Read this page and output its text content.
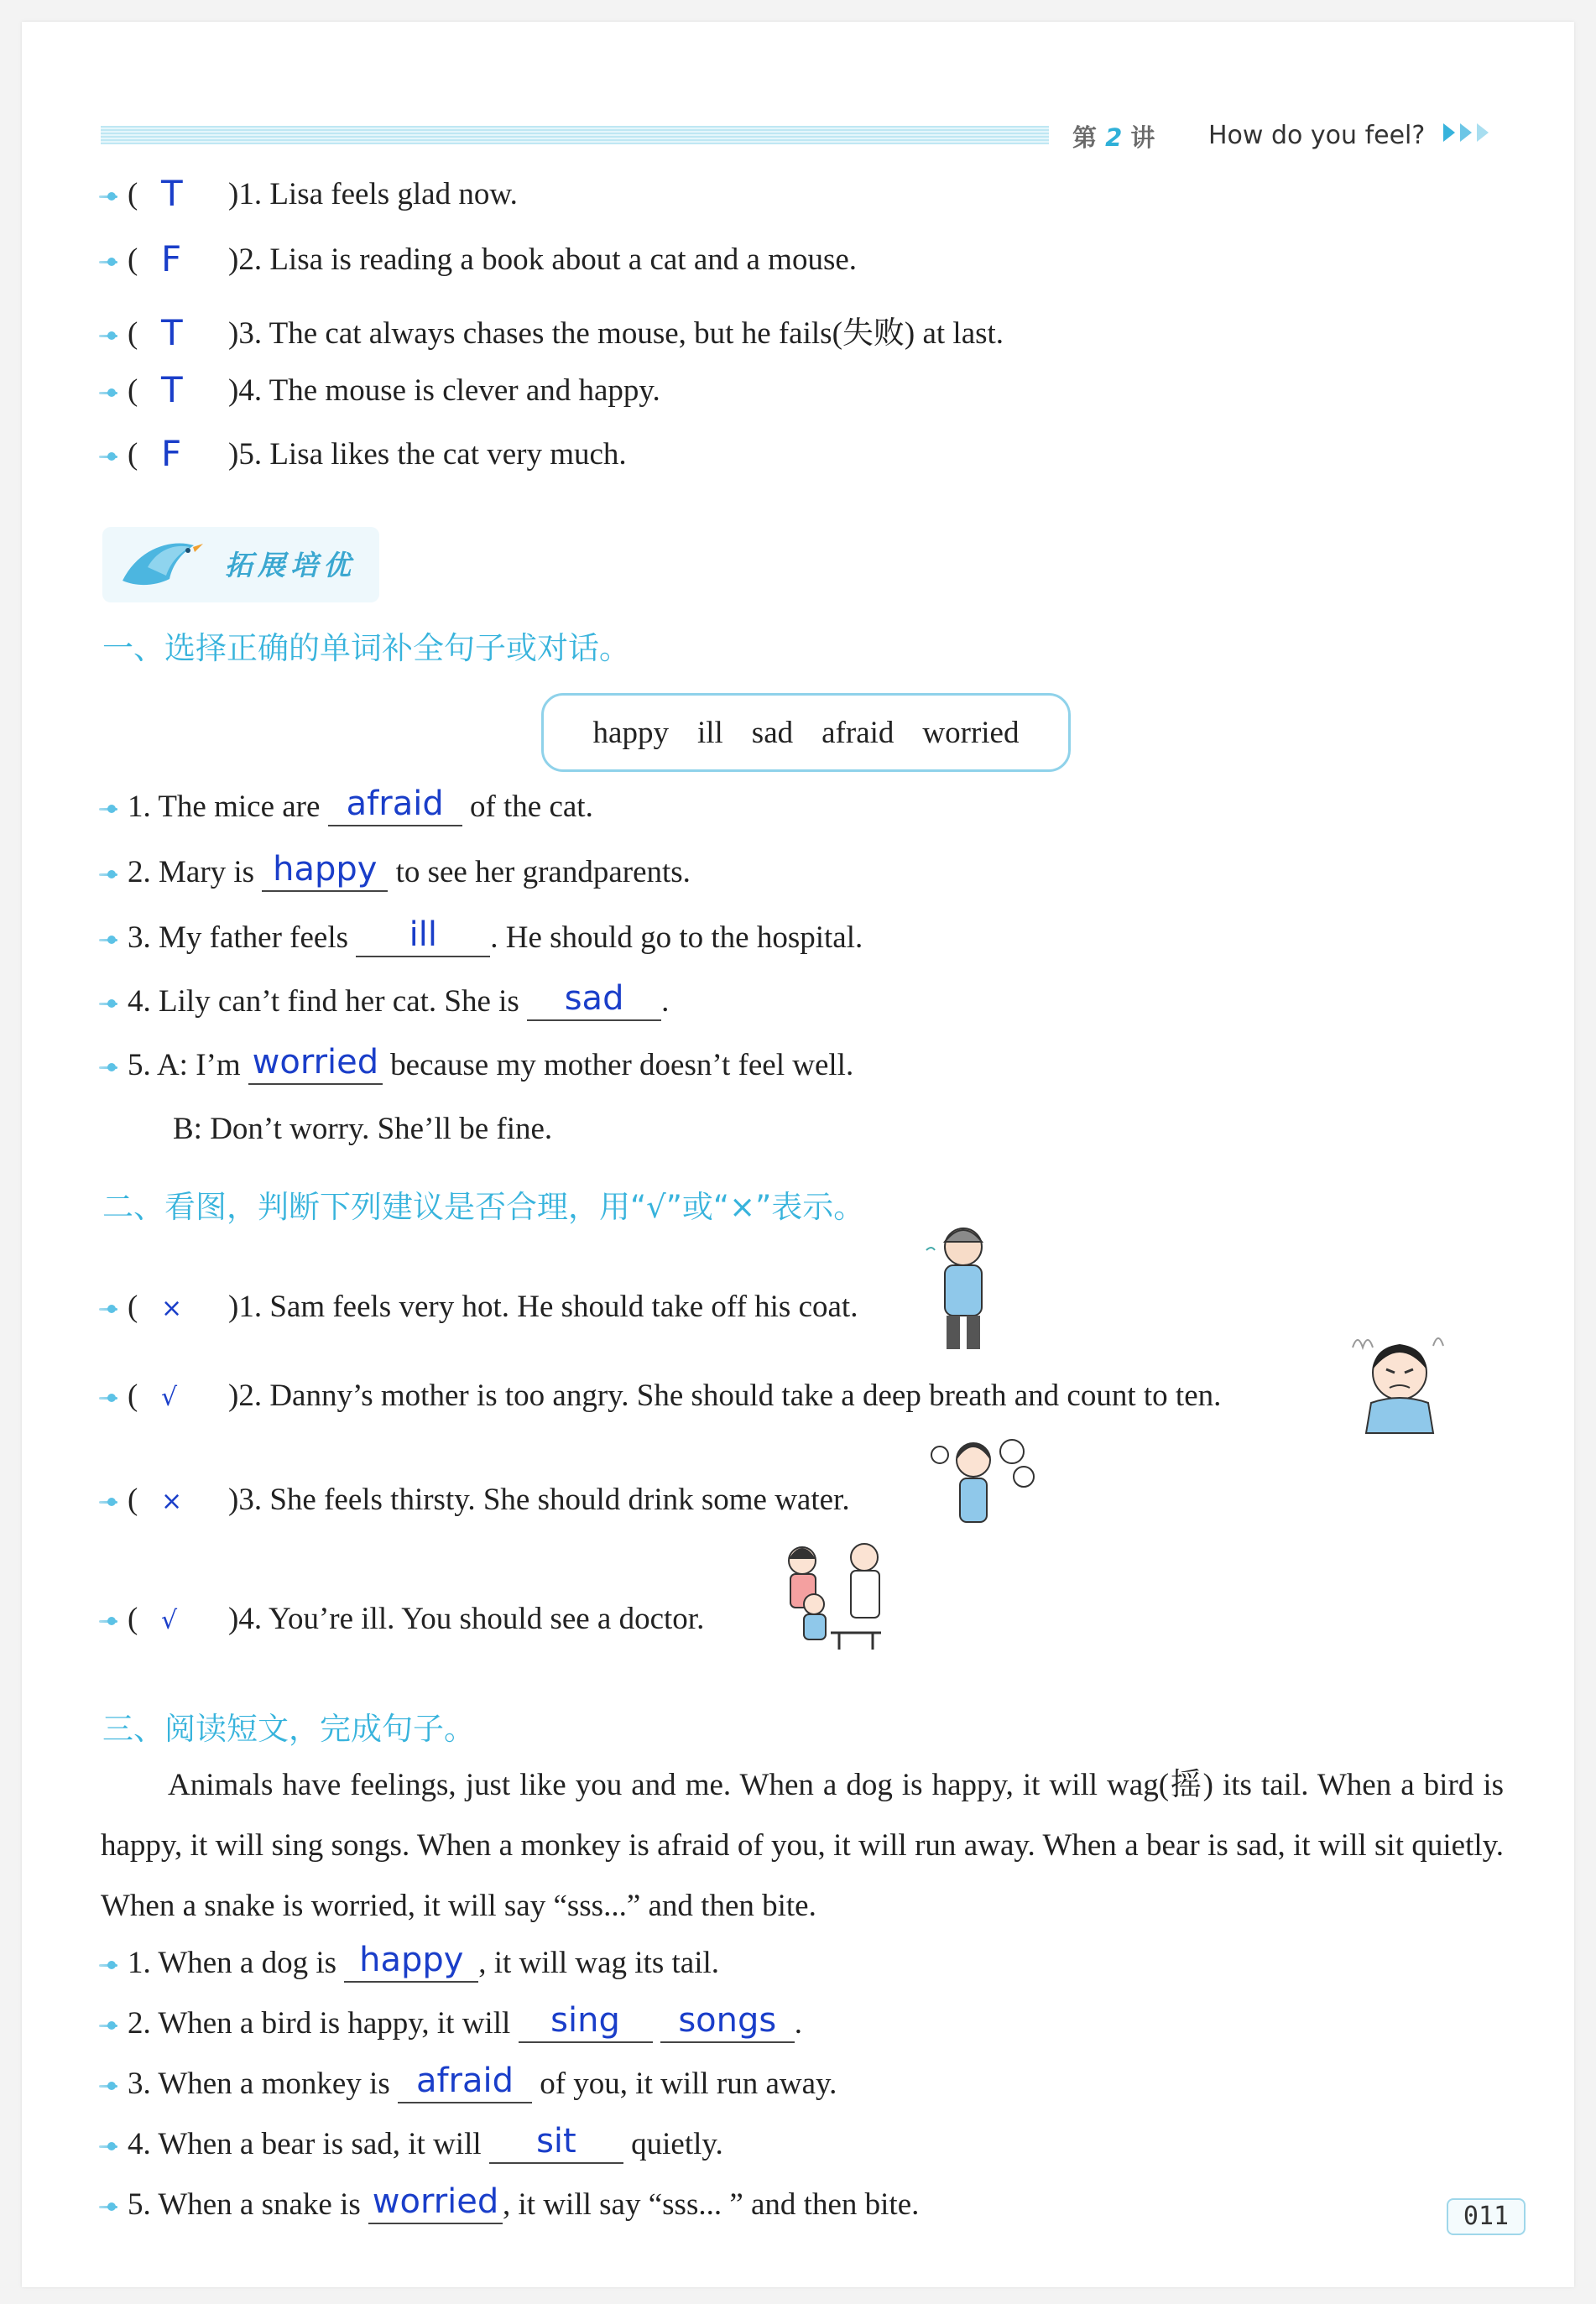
第 2 讲 How do you feel?
( T )1. Lisa feels glad now.
( F )2. Lisa is reading a book about a cat and a mouse.
( T )3. The cat always chases the mouse, but he fails(失败) at last.
( T )4. The mouse is clever and happy.
( F )5. Lisa likes the cat very much.
拓展培优
一、选择正确的单词补全句子或对话。
happy ill sad afraid worried
1. The mice are afraid of the cat.
2. Mary is happy to see her grandparents.
3. My father feels	ill	. He should go to the hospital.
4. Lily can’t find her cat. She is	sad	.
5. A: I’m worried because my mother doesn’t feel well.
B: Don’t worry. She’ll be fine.
二、看图，判断下列建议是否合理，用“√”或“×”表示。
( × )1. Sam feels very hot. He should take off his coat.
( √ )2. Danny’s mother is too angry. She should take a deep breath and count to ten.
( × )3. She feels thirsty. She should drink some water.
( √ )4. You’re ill. You should see a doctor.
三、阅读短文，完成句子。
Animals have feelings, just like you and me. When a dog is happy, it will wag(摇) its tail. When a bird is happy, it will sing songs. When a monkey is afraid of you, it will run away. When a bear is sad, it will sit quietly. When a snake is worried, it will say “sss...” and then bite.
1. When a dog is happy , it will wag its tail.
2. When a bird is happy, it will sing
	songs .
3. When a monkey is afraid of you, it will run away.
4. When a bear is sad, it will	sit	quietly.
5. When a snake is worried , it will say “sss... ” and then bite.	011
